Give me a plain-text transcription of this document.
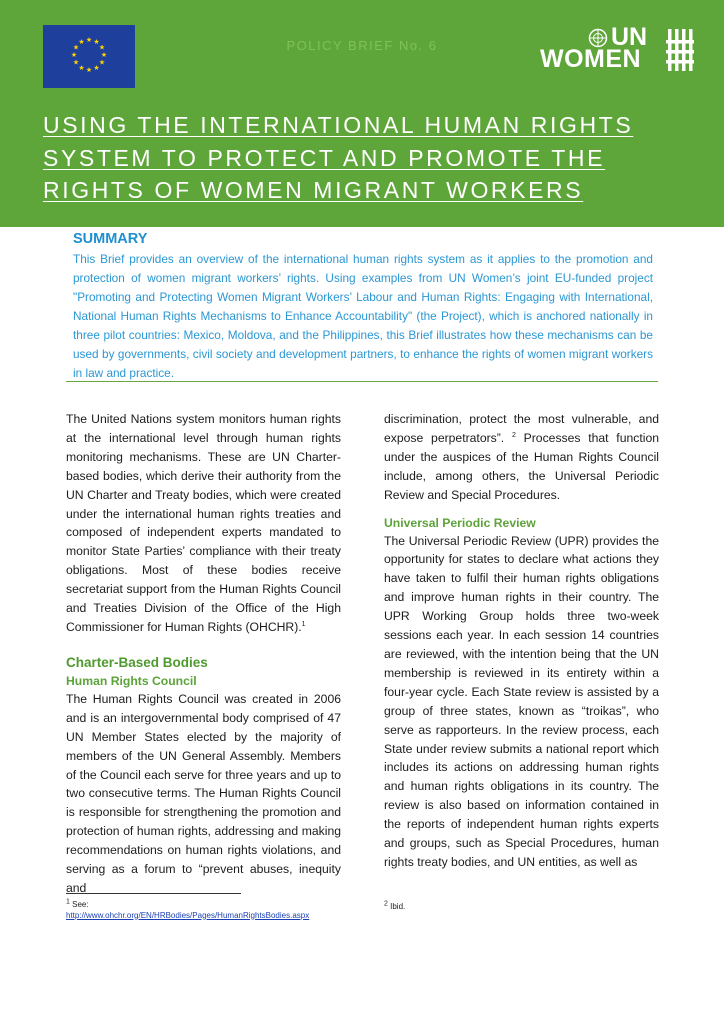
★ ★
★
★
★
★
★
★
★
★
★
★	POLICY BRIEF No. 6	UN
WOMEN
USING THE INTERNATIONAL HUMAN RIGHTS
SYSTEM TO PROTECT AND PROMOTE THE
RIGHTS OF WOMEN MIGRANT WORKERS
SUMMARY

This Brief provides an overview of the international human rights system as it applies to the promotion and protection of women migrant workers’ rights. Using examples from UN Women’s joint EU-funded project "Promoting and Protecting Women Migrant Workers’ Labour and Human Rights: Engaging with International, National Human Rights Mechanisms to Enhance Accountability" (the Project), which is anchored nationally in three pilot countries: Mexico, Moldova, and the Philippines, this Brief illustrates how these mechanisms can be used by governments, civil society and development partners, to enhance the rights of women migrant workers in law and practice.

The United Nations system monitors human rights at the international level through human rights monitoring mechanisms. These are UN Charter-based bodies, which derive their authority from the UN Charter and Treaty bodies, which were created under the international human rights treaties and composed of independent experts mandated to monitor State Parties’ compliance with their treaty obligations. Most of these bodies receive secretariat support from the Human Rights Council and Treaties Division of the Office of the High Commissioner for Human Rights (OHCHR).$^1$

Charter-Based Bodies
Human Rights Council

The Human Rights Council was created in 2006 and is an intergovernmental body comprised of 47 UN Member States elected by the majority of members of the UN General Assembly. Members of the Council each serve for three years and up to two consecutive terms. The Human Rights Council is responsible for strengthening the promotion and protection of human rights, addressing and making recommendations on human rights violations, and serving as a forum to “prevent abuses, inequity and

discrimination, protect the most vulnerable, and expose perpetrators”. $^2$ Processes that function under the auspices of the Human Rights Council include, among others, the Universal Periodic Review and Special Procedures.

Universal Periodic Review

The Universal Periodic Review (UPR) provides the opportunity for states to declare what actions they have taken to fulfil their human rights obligations and improve human rights in their country. The UPR Working Group holds three two-week sessions each year. In each session 14 countries are reviewed, with the intention being that the UN membership is reviewed in its entirety within a four-year cycle. Each State review is assisted by a group of three states, known as “troikas”, who serve as rapporteurs. In the review process, each State under review submits a national report which includes its actions on addressing human rights and human rights obligations in its country. The review is also based on information contained in the reports of independent human rights experts and groups, such as Special Procedures, human rights treaty bodies, and UN entities, as well as

$^1$ See:
http://www.ohchr.org/EN/HRBodies/Pages/HumanRightsBodies.aspx
$^2$ Ibid.
